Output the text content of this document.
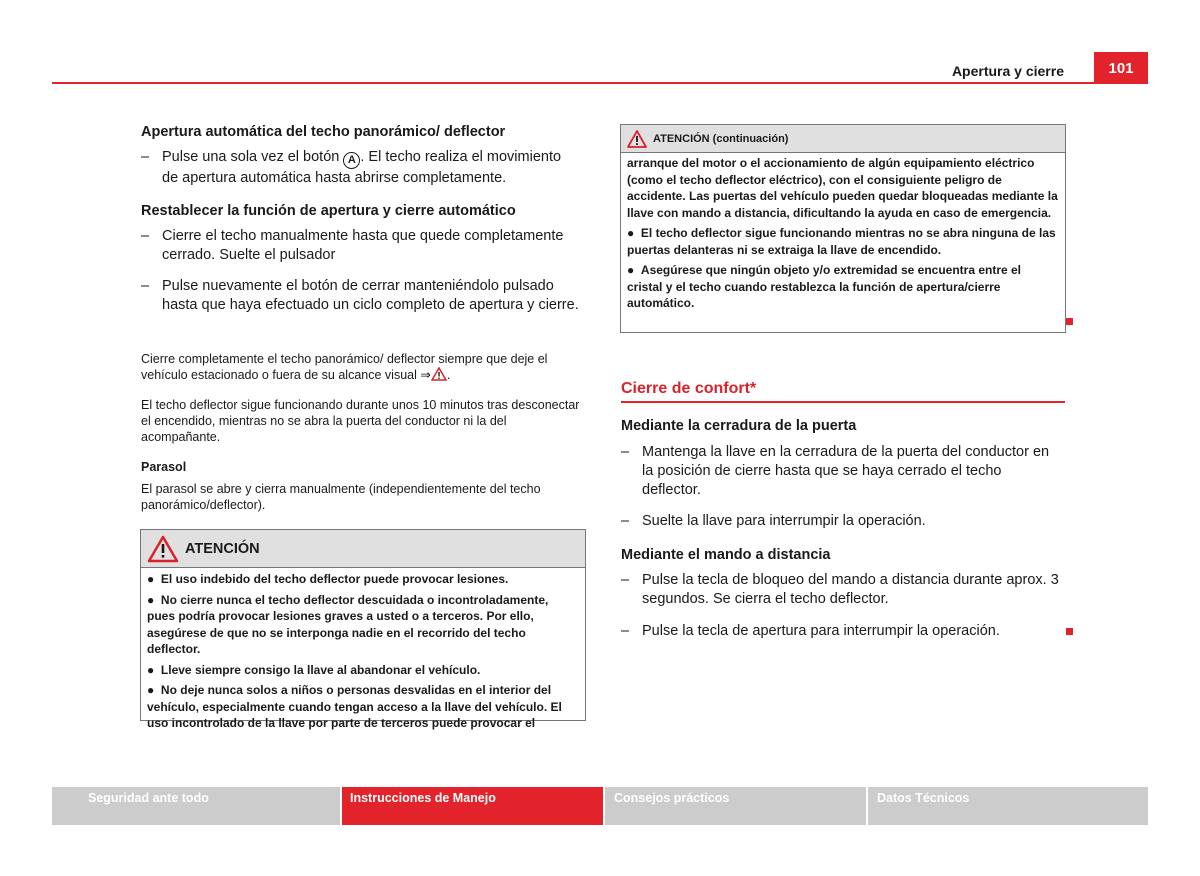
Apertura y cierre	101
Apertura automática del techo panorámico/ deflector
– Pulse una sola vez el botón A . El techo realiza el movimiento de apertura automática hasta abrirse completamente.
Restablecer la función de apertura y cierre automático
– Cierre el techo manualmente hasta que quede completamente cerrado. Suelte el pulsador
– Pulse nuevamente el botón de cerrar manteniéndolo pulsado hasta que haya efectuado un ciclo completo de apertura y cierre.
Cierre completamente el techo panorámico/ deflector siempre que deje el vehículo estacionado o fuera de su alcance visual ⇒ .
El techo deflector sigue funcionando durante unos 10 minutos tras desconectar el encendido, mientras no se abra la puerta del conductor ni la del acompañante.
Parasol
El parasol se abre y cierra manualmente (independientemente del techo panorámico/deflector).
ATENCIÓN

●  El uso indebido del techo deflector puede provocar lesiones.

●  No cierre nunca el techo deflector descuidada o incontroladamente, pues podría provocar lesiones graves a usted o a terceros. Por ello, asegúrese de que no se interponga nadie en el recorrido del techo deflector.

●  Lleve siempre consigo la llave al abandonar el vehículo.

●  No deje nunca solos a niños o personas desvalidas en el interior del vehículo, especialmente cuando tengan acceso a la llave del vehículo. El uso incontrolado de la llave por parte de terceros puede provocar el

ATENCIÓN (continuación)

arranque del motor o el accionamiento de algún equipamiento eléctrico (como el techo deflector eléctrico), con el consiguiente peligro de accidente. Las puertas del vehículo pueden quedar bloqueadas mediante la llave con mando a distancia, dificultando la ayuda en caso de emergencia.

●  El techo deflector sigue funcionando mientras no se abra ninguna de las puertas delanteras ni se extraiga la llave de encendido.

●  Asegúrese que ningún objeto y/o extremidad se encuentra entre el cristal y el techo cuando restablezca la función de apertura/cierre automático.

Cierre de confort*
Mediante la cerradura de la puerta
– Mantenga la llave en la cerradura de la puerta del conductor en la posición de cierre hasta que se haya cerrado el techo deflector.
– Suelte la llave para interrumpir la operación.
Mediante el mando a distancia
– Pulse la tecla de bloqueo del mando a distancia durante aprox. 3 segundos. Se cierra el techo deflector.
– Pulse la tecla de apertura para interrumpir la operación.
Seguridad ante todo	Instrucciones de Manejo	Consejos prácticos	Datos Técnicos
